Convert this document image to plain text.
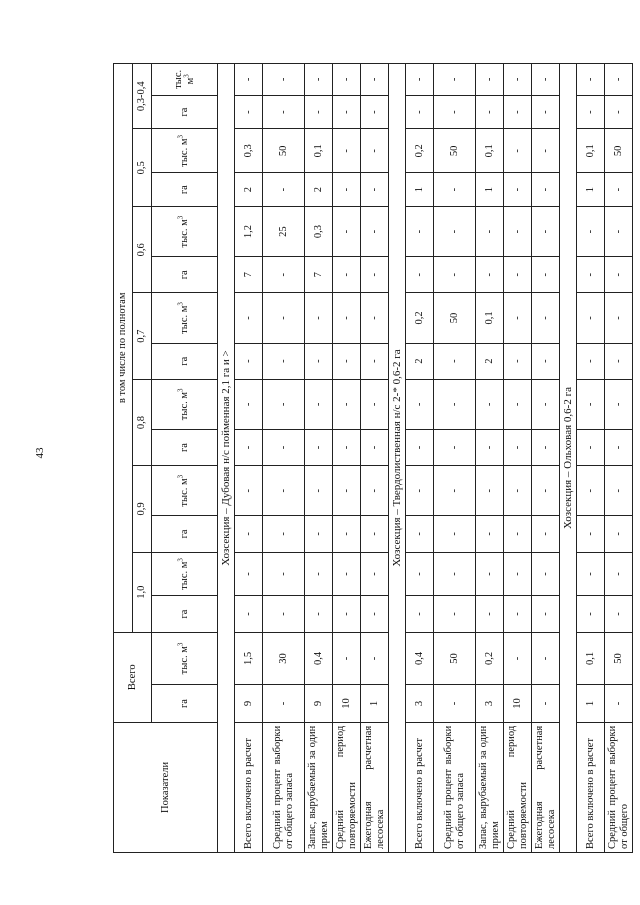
43
Показатели	Всего		в том числе по полнотам													
			1,0		0,9		0,8		0,7		0,6		0,5		0,3-0,4	
	га	тыс. $м^3$	га	тыс. $м^3$	га	тыс. $м^3$	га	тыс. $м^3$	га	тыс. $м^3$	га	тыс. $м^3$	га	тыс. $м^3$	га	тыс. $м^3$

Хозсекция – Дубовая н/с пойменная 2,1 га и >																
Всего включено в расчет	9	1,5	-	-	-	-	-	-	-	-	7	1,2	2	0,3	-	-
Средний процент выборки от общего запаса	-	30	-	-	-	-	-	-	-	-	-	25	-	50	-	-
Запас, вырубаемый за один прием	9	0,4	-	-	-	-	-	-	-	-	7	0,3	2	0,1	-	-
Средний период повторяемости	10	-	-	-	-	-	-	-	-	-	-	-	-	-	-	-
Ежегодная расчетная лесосека	1	-	-	-	-	-	-	-	-	-	-	-	-	-	-	-
Хозсекция – Твердолиственная н/с 2-* 0,6-2 га																
Всего включено в расчет	3	0,4	-	-	-	-	-	-	2	0,2	-	-	1	0,2	-	-
Средний процент выборки от общего запаса	-	50	-	-	-	-	-	-	-	50	-	-	-	50	-	-
Запас, вырубаемый за один прием	3	0,2	-	-	-	-	-	-	2	0,1	-	-	1	0,1	-	-
Средний период повторяемости	10	-	-	-	-	-	-	-	-	-	-	-	-	-	-	-
Ежегодная расчетная лесосека	-	-	-	-	-	-	-	-	-	-	-	-	-	-	-	-
Хозсекция – Ольховая 0,6-2 га																
Всего включено в расчет	1	0,1	-	-	-	-	-	-	-	-	-	-	1	0,1	-	-
Средний процент выборки от общего	-	50	-	-	-	-	-	-	-	-	-	-	-	50	-	-
